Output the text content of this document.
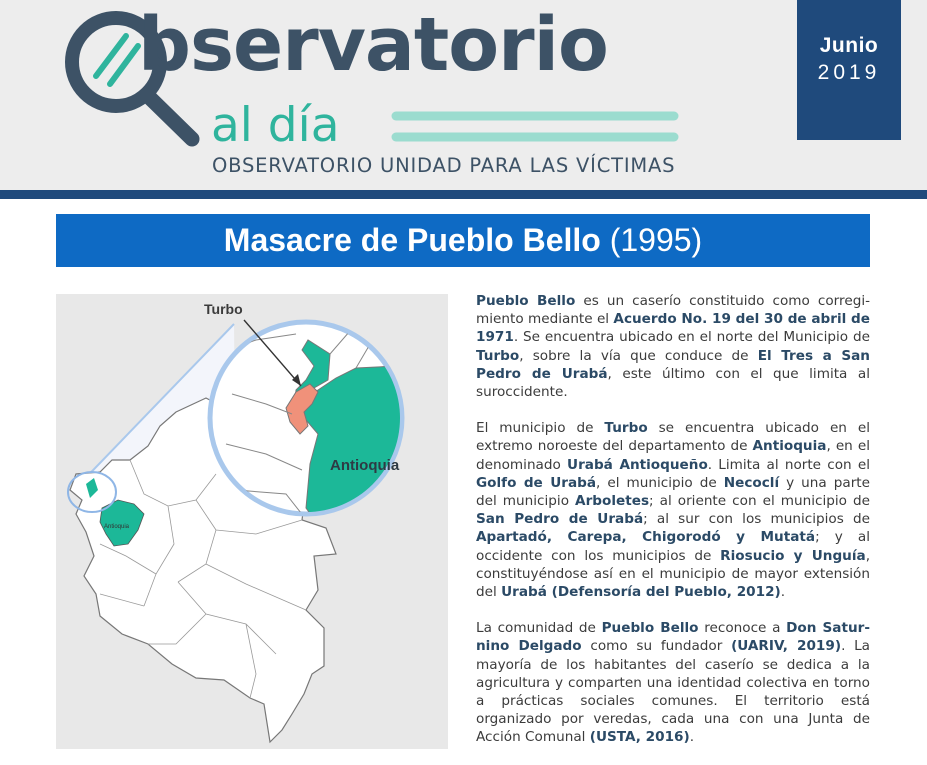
bservatorio
al día
OBSERVATORIO UNIDAD PARA LAS VÍCTIMAS
Junio
2019
Masacre de Pueblo Bello (1995)
Antioquia
Turbo
Antioquia

Pueblo Bello es un caserío constituido como corregi-miento mediante el Acuerdo No. 19 del 30 de abril de 1971. Se encuentra ubicado en el norte del Municipio de Turbo, sobre la vía que conduce de El Tres a San Pedro de Urabá, este último con el que limita al suroccidente.

El municipio de Turbo se encuentra ubicado en el extremo noroeste del departamento de Antioquia, en el denominado Urabá Antioqueño. Limita al norte con el Golfo de Urabá, el municipio de Necoclí y una parte del municipio Arboletes; al oriente con el municipio de San Pedro de Urabá; al sur con los municipios de Apartadó, Carepa, Chigorodó y Mutatá; y al occidente con los municipios de Riosucio y Unguía, constituyéndose así en el municipio de mayor extensión del Urabá (Defensoría del Pueblo, 2012).

La comunidad de Pueblo Bello reconoce a Don Satur-nino Delgado como su fundador (UARIV, 2019). La mayoría de los habitantes del caserío se dedica a la agricultura y comparten una identidad colectiva en torno a prácticas sociales comunes. El territorio está organizado por veredas, cada una con una Junta de Acción Comunal (USTA, 2016).
